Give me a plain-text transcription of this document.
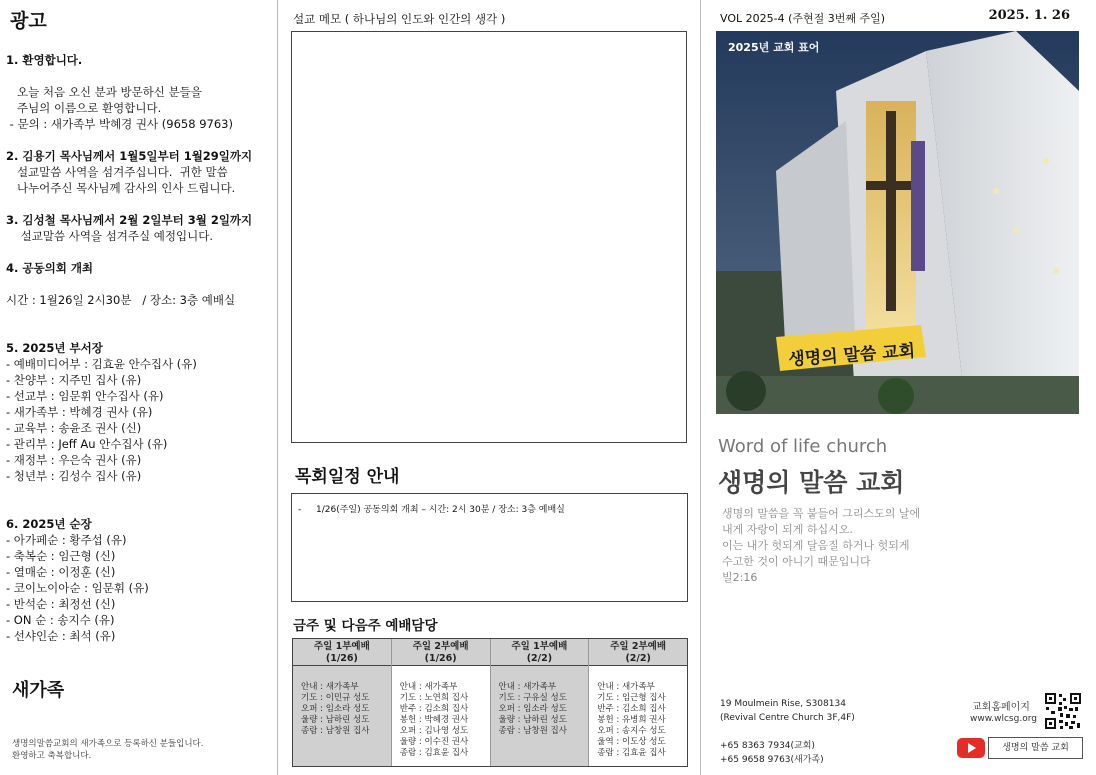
광고
1. 환영합니다.

오늘 처음 오신 분과 방문하신 분들을
주님의 이름으로 환영합니다.
- 문의 : 새가족부 박혜경 권사 (9658 9763)
2. 김용기 목사님께서 1월5일부터 1월29일까지
설교말씀 사역을 섬겨주십니다.  귀한 말씀
나누어주신 목사님께 감사의 인사 드립니다.
3. 김성철 목사님께서 2월 2일부터 3월 2일까지
설교말씀 사역을 섬겨주실 예정입니다.
4. 공동의회 개최

시간 : 1월26일 2시30분   / 장소: 3층 예배실

5. 2025년 부서장
- 예배미디어부 : 김효윤 안수집사 (유)
- 찬양부 : 지주민 집사 (유)
- 선교부 : 임문휘 안수집사 (유)
- 새가족부 : 박혜경 권사 (유)
- 교육부 : 송윤조 권사 (신)
- 관리부 : Jeff Au 안수집사 (유)
- 재정부 : 우은숙 권사 (유)
- 청년부 : 김성수 집사 (유)

6. 2025년 순장
- 아가페순 : 황주섭 (유)
- 축복순 : 임근형 (신)
- 열매순 : 이정훈 (신)
- 코이노이아순 : 임문휘 (유)
- 반석순 : 최정선 (신)
- ON 순 : 송지수 (유)
- 선샤인순 : 최석 (유)
새가족
생명의말씀교회의 새가족으로 등록하신 분들입니다.
환영하고 축복합니다.
설교 메모 ( 하나님의 인도와 인간의 생각 )
목회일정 안내
- 1/26(주일) 공동의회 개최 – 시간: 2시 30분 / 장소: 3층 예배실
금주 및 다음주 예배담당
주일 1부예배
(1/26)
안내 : 새가족부
기도 : 이민규 성도
오퍼 : 임소라 성도
울량 : 남하린 성도
종람 : 남창원 집사
주일 2부예배
(1/26)
안내 : 새가족부
기도 : 노연희 집사
반주 : 김소희 집사
봉헌 : 박혜경 권사
오퍼 : 김나영 성도
울량 : 이수진 권사
종람 : 김효윤 집사
주일 1부예배
(2/2)
안내 : 새가족부
기도 : 구유실 성도
오퍼 : 임소라 성도
울량 : 남하린 성도
종람 : 남창원 집사
주일 2부예배
(2/2)
안내 : 새가족부
기도 : 임근형 집사
반주 : 김소희 집사
봉헌 : 유병희 권사
오퍼 : 송지수 성도
울역 : 이도상 성도
종람 : 김효윤 집사
VOL 2025-4 (주현절 3번째 주일)	2025. 1. 26
2025년 교회 표어
생명의 말씀 교회
Word of life church
생명의 말씀 교회
생명의 말씀을 꼭 붙들어 그리스도의 날에
내게 자랑이 되게 하십시오.
이는 내가 헛되게 달음질 하거나 헛되게
수고한 것이 아니기 때문입니다
빌2:16
19 Moulmein Rise, S308134
(Revival Centre Church 3F,4F)

+65 8363 7934(교회)
+65 9658 9763(새가족)
교회홈페이지
www.wlcsg.org
생명의 말씀 교회
